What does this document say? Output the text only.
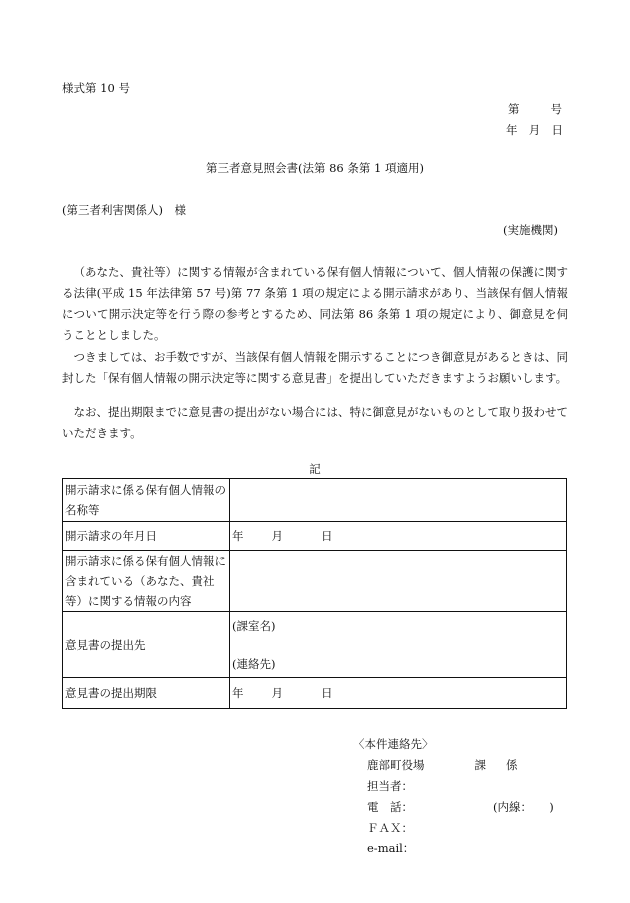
様式第 10 号
第	号
年 月 日
第三者意見照会書(法第 86 条第 1 項適用)
(第三者利害関係人)　様
(実施機関)

（あなた、貴社等）に関する情報が含まれている保有個人情報について、個人情報の保護に関する法律(平成 15 年法律第 57 号)第 77 条第 1 項の規定による開示請求があり、当該保有個人情報について開示決定等を行う際の参考とするため、同法第 86 条第 1 項の規定により、御意見を伺うこととしました。

つきましては、お手数ですが、当該保有個人情報を開示することにつき御意見があるときは、同封した「保有個人情報の開示決定等に関する意見書」を提出していただきますようお願いします。

なお、提出期限までに意見書の提出がない場合には、特に御意見がないものとして取り扱わせていただきます。

記
開示請求に係る保有個人情報の名称等	
開示請求の年月日	年 月 日
開示請求に係る保有個人情報に含まれている（あなた、貴社等）に関する情報の内容	
意見書の提出先	(課室名)
(連絡先)

意見書の提出期限	年 月 日
〈本件連絡先〉
鹿部町役場	課 係
担当者：
電　話：	(内線：　　)
ＦＡＸ：
e-mail：
